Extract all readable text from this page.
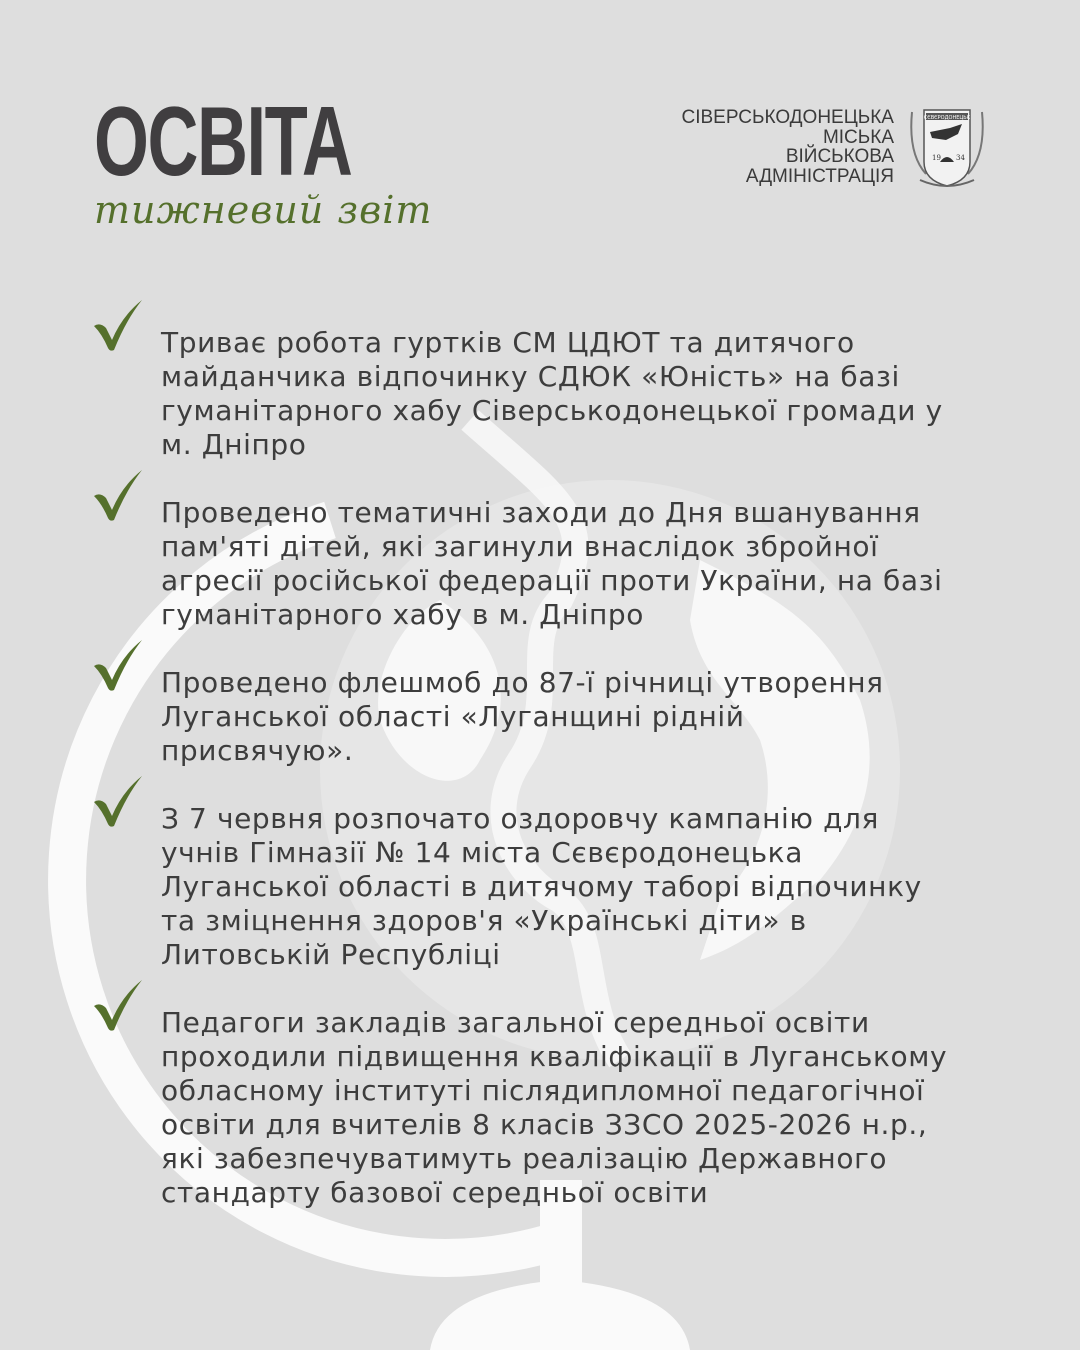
ОСВІТА
тижневий звіт
СІВЕРСЬКОДОНЕЦЬКА
МІСЬКА
ВІЙСЬКОВА
АДМІНІСТРАЦІЯ
СЄВЄРОДОНЕЦЬК
19 34
Триває робота гуртків СМ ЦДЮТ та дитячого
майданчика відпочинку СДЮК «Юність» на базі
гуманітарного хабу Сіверськодонецької громади у
м. Дніпро
Проведено тематичні заходи до Дня вшанування
пам'яті дітей, які загинули внаслідок збройної
агресії російської федерації проти України, на базі
гуманітарного хабу в м. Дніпро
Проведено флешмоб до 87-ї річниці утворення
Луганської області «Луганщині рідній
присвячую».
З 7 червня розпочато оздоровчу кампанію для
учнів Гімназії № 14 міста Сєвєродонецька
Луганської області в дитячому таборі відпочинку
та зміцнення здоров'я «Українські діти» в
Литовській Республіці
Педагоги закладів загальної середньої освіти
проходили підвищення кваліфікації в Луганському
обласному інституті післядипломної педагогічної
освіти для вчителів 8 класів ЗЗСО 2025-2026 н.р.,
які забезпечуватимуть реалізацію Державного
стандарту базової середньої освіти
